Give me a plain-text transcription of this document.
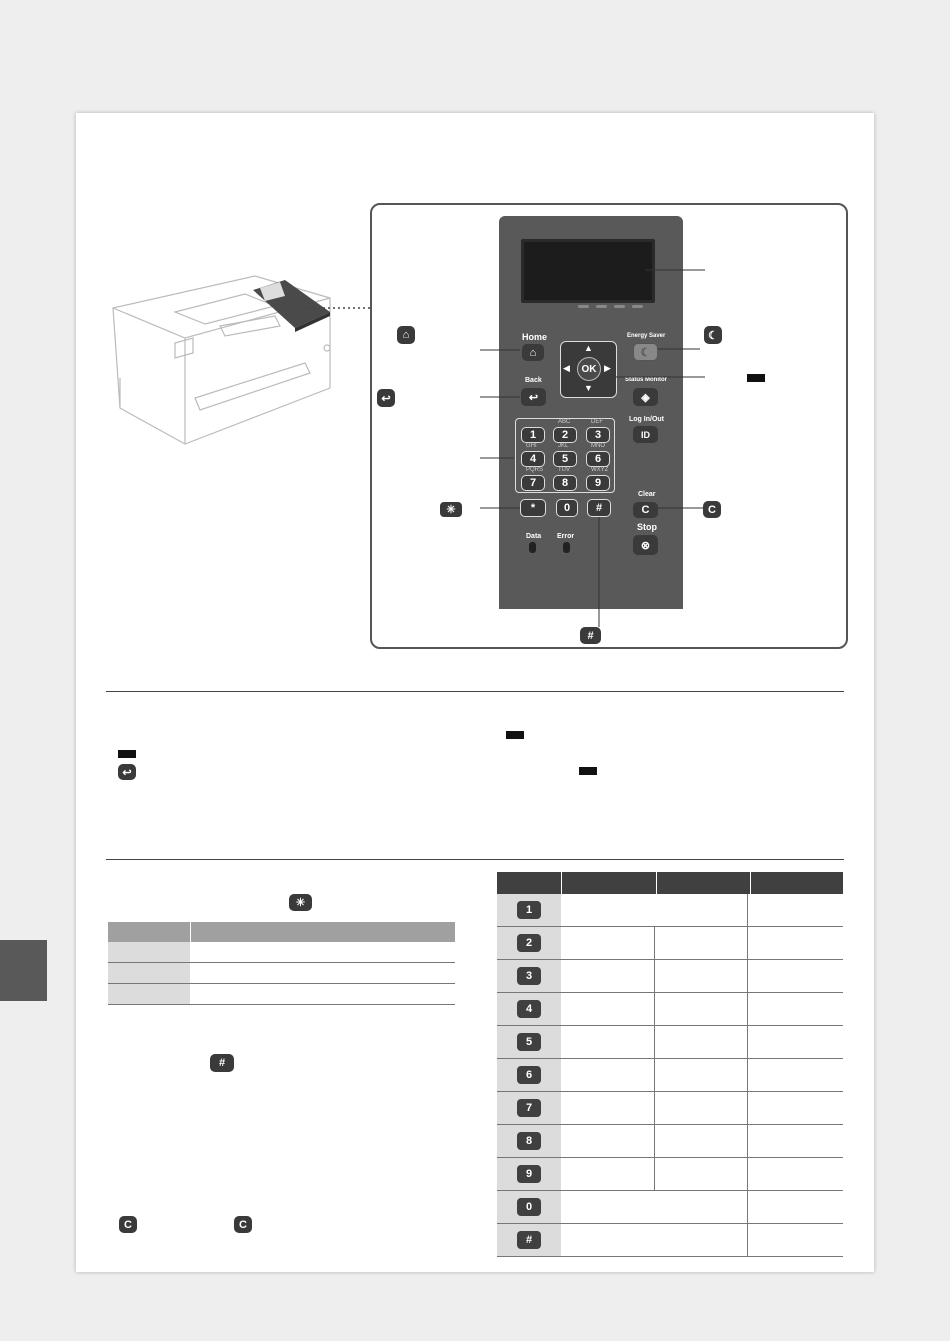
Home
⌂
Back
↩
OK
▲
▼
◀	▶
Energy Saver
☾
Status Monitor
◈
Log In/Out
ID
1 2
ABC
3
DEF
4
GHI
5
JKL
6
MNO
7
PQRS
8
TUV
9
WXYZ
*	0 #
Clear
C
Stop
⊗
Data Error
⌂
↩
☾
✳	C
#
↩
✳
#
C	C
1
2
3
4
5
6
7
8
9
0
#
